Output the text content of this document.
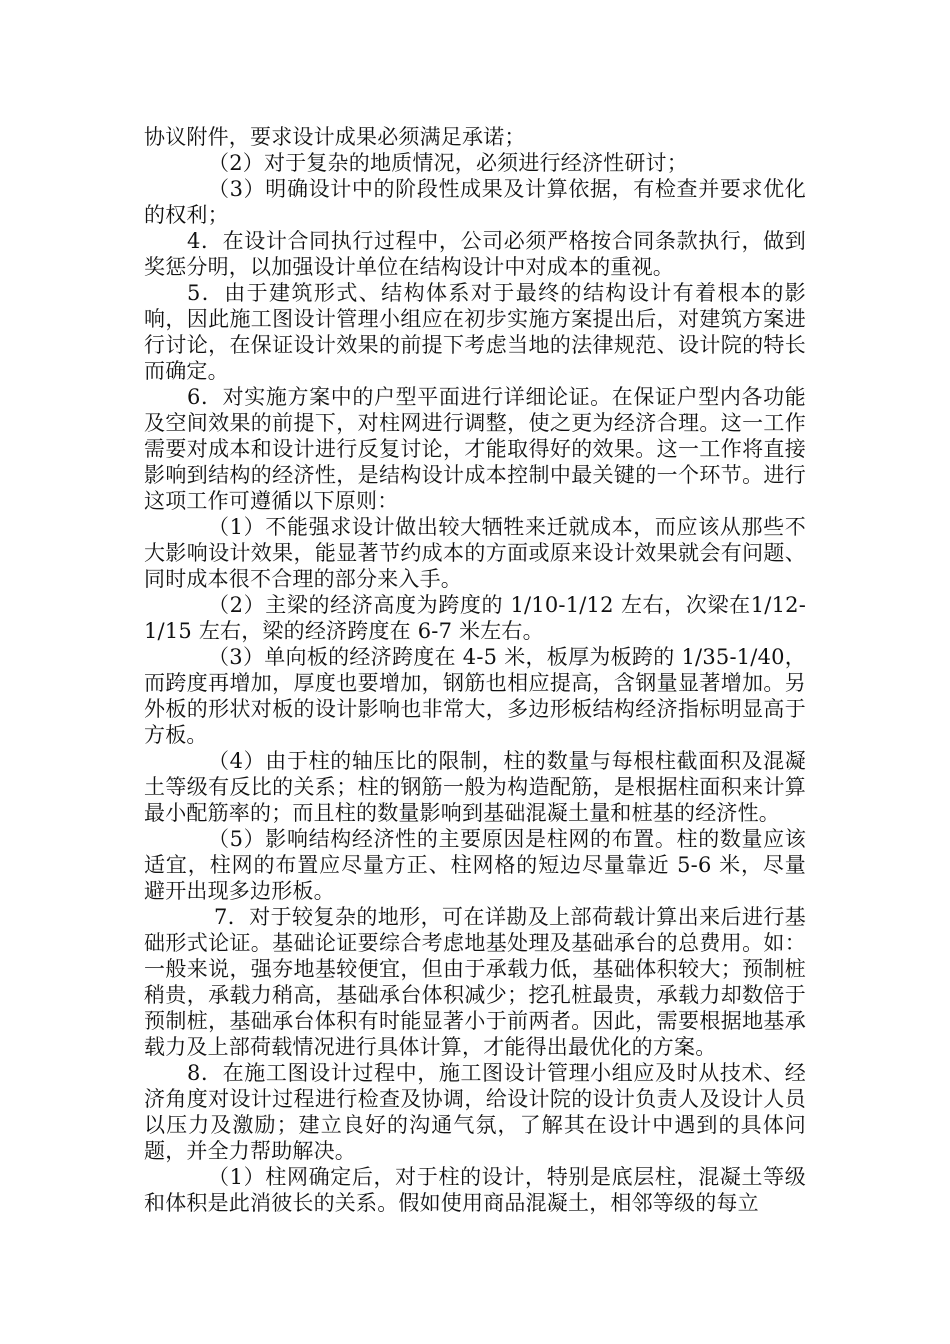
协议附件，要求设计成果必须满足承诺；

（2）对于复杂的地质情况，必须进行经济性研讨；

（3）明确设计中的阶段性成果及计算依据，有检查并要求优化的权利；

4．在设计合同执行过程中，公司必须严格按合同条款执行，做到奖惩分明，以加强设计单位在结构设计中对成本的重视。

5．由于建筑形式、结构体系对于最终的结构设计有着根本的影响，因此施工图设计管理小组应在初步实施方案提出后，对建筑方案进行讨论，在保证设计效果的前提下考虑当地的法律规范、设计院的特长而确定。

6．对实施方案中的户型平面进行详细论证。在保证户型内各功能及空间效果的前提下，对柱网进行调整，使之更为经济合理。这一工作需要对成本和设计进行反复讨论，才能取得好的效果。这一工作将直接影响到结构的经济性，是结构设计成本控制中最关键的一个环节。进行这项工作可遵循以下原则：

（1）不能强求设计做出较大牺牲来迁就成本，而应该从那些不大影响设计效果，能显著节约成本的方面或原来设计效果就会有问题、同时成本很不合理的部分来入手。

（2）主梁的经济高度为跨度的 1/10-1/12 左右，次梁在1/12-1/15 左右，梁的经济跨度在 6-7 米左右。

（3）单向板的经济跨度在 4-5 米，板厚为板跨的 1/35-1/40，而跨度再增加，厚度也要增加，钢筋也相应提高，含钢量显著增加。另外板的形状对板的设计影响也非常大，多边形板结构经济指标明显高于方板。

（4）由于柱的轴压比的限制，柱的数量与每根柱截面积及混凝土等级有反比的关系；柱的钢筋一般为构造配筋，是根据柱面积来计算最小配筋率的；而且柱的数量影响到基础混凝土量和桩基的经济性。

（5）影响结构经济性的主要原因是柱网的布置。柱的数量应该适宜，柱网的布置应尽量方正、柱网格的短边尽量靠近 5-6 米，尽量避开出现多边形板。

7．对于较复杂的地形，可在详勘及上部荷载计算出来后进行基础形式论证。基础论证要综合考虑地基处理及基础承台的总费用。如：一般来说，强夯地基较便宜，但由于承载力低，基础体积较大；预制桩稍贵，承载力稍高，基础承台体积减少；挖孔桩最贵，承载力却数倍于预制桩，基础承台体积有时能显著小于前两者。因此，需要根据地基承载力及上部荷载情况进行具体计算，才能得出最优化的方案。

8．在施工图设计过程中，施工图设计管理小组应及时从技术、经济角度对设计过程进行检查及协调，给设计院的设计负责人及设计人员以压力及激励；建立良好的沟通气氛，了解其在设计中遇到的具体问题，并全力帮助解决。

（1）柱网确定后，对于柱的设计，特别是底层柱，混凝土等级和体积是此消彼长的关系。假如使用商品混凝土，相邻等级的每立
